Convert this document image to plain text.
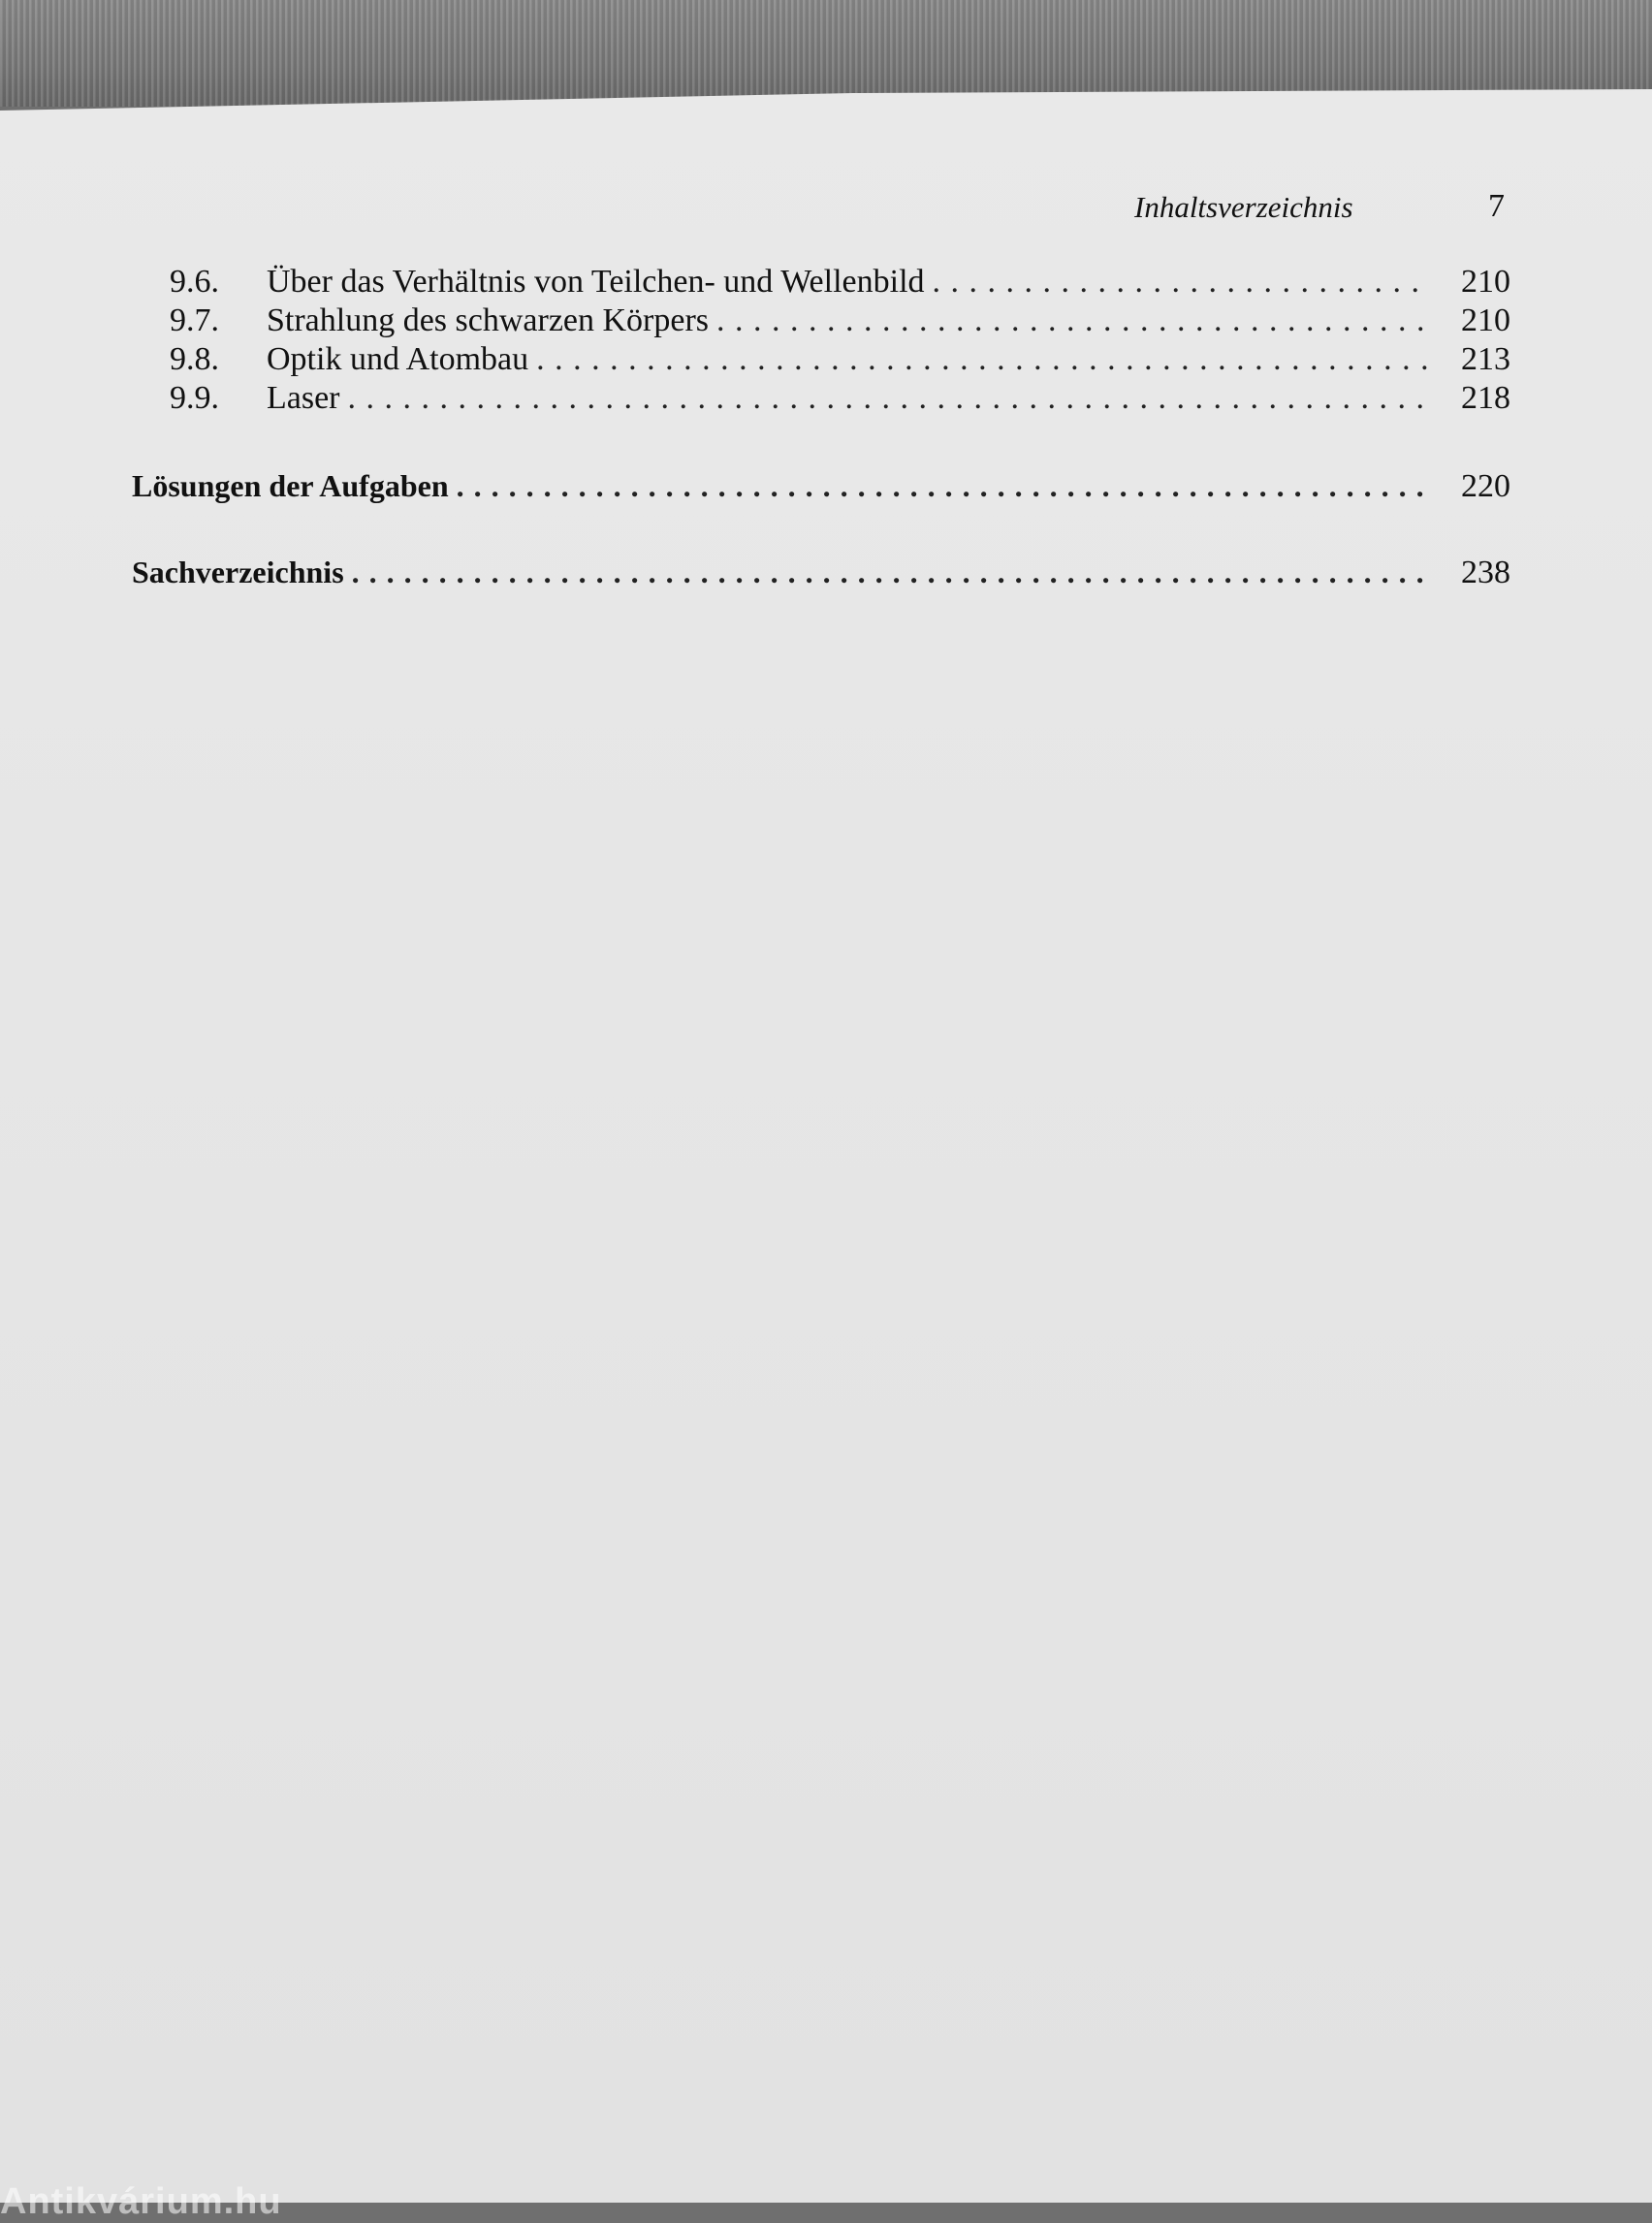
Inhaltsverzeichnis	7
9.6.	Über das Verhältnis von Teilchen- und Wellenbild . . .	210
9.7.	Strahlung des schwarzen Körpers . . .	210
9.8.	Optik und Atombau . . .	213
9.9.	Laser . . .	218
Lösungen der Aufgaben . . .	220
Sachverzeichnis . . .	238
Antikvárium.hu
